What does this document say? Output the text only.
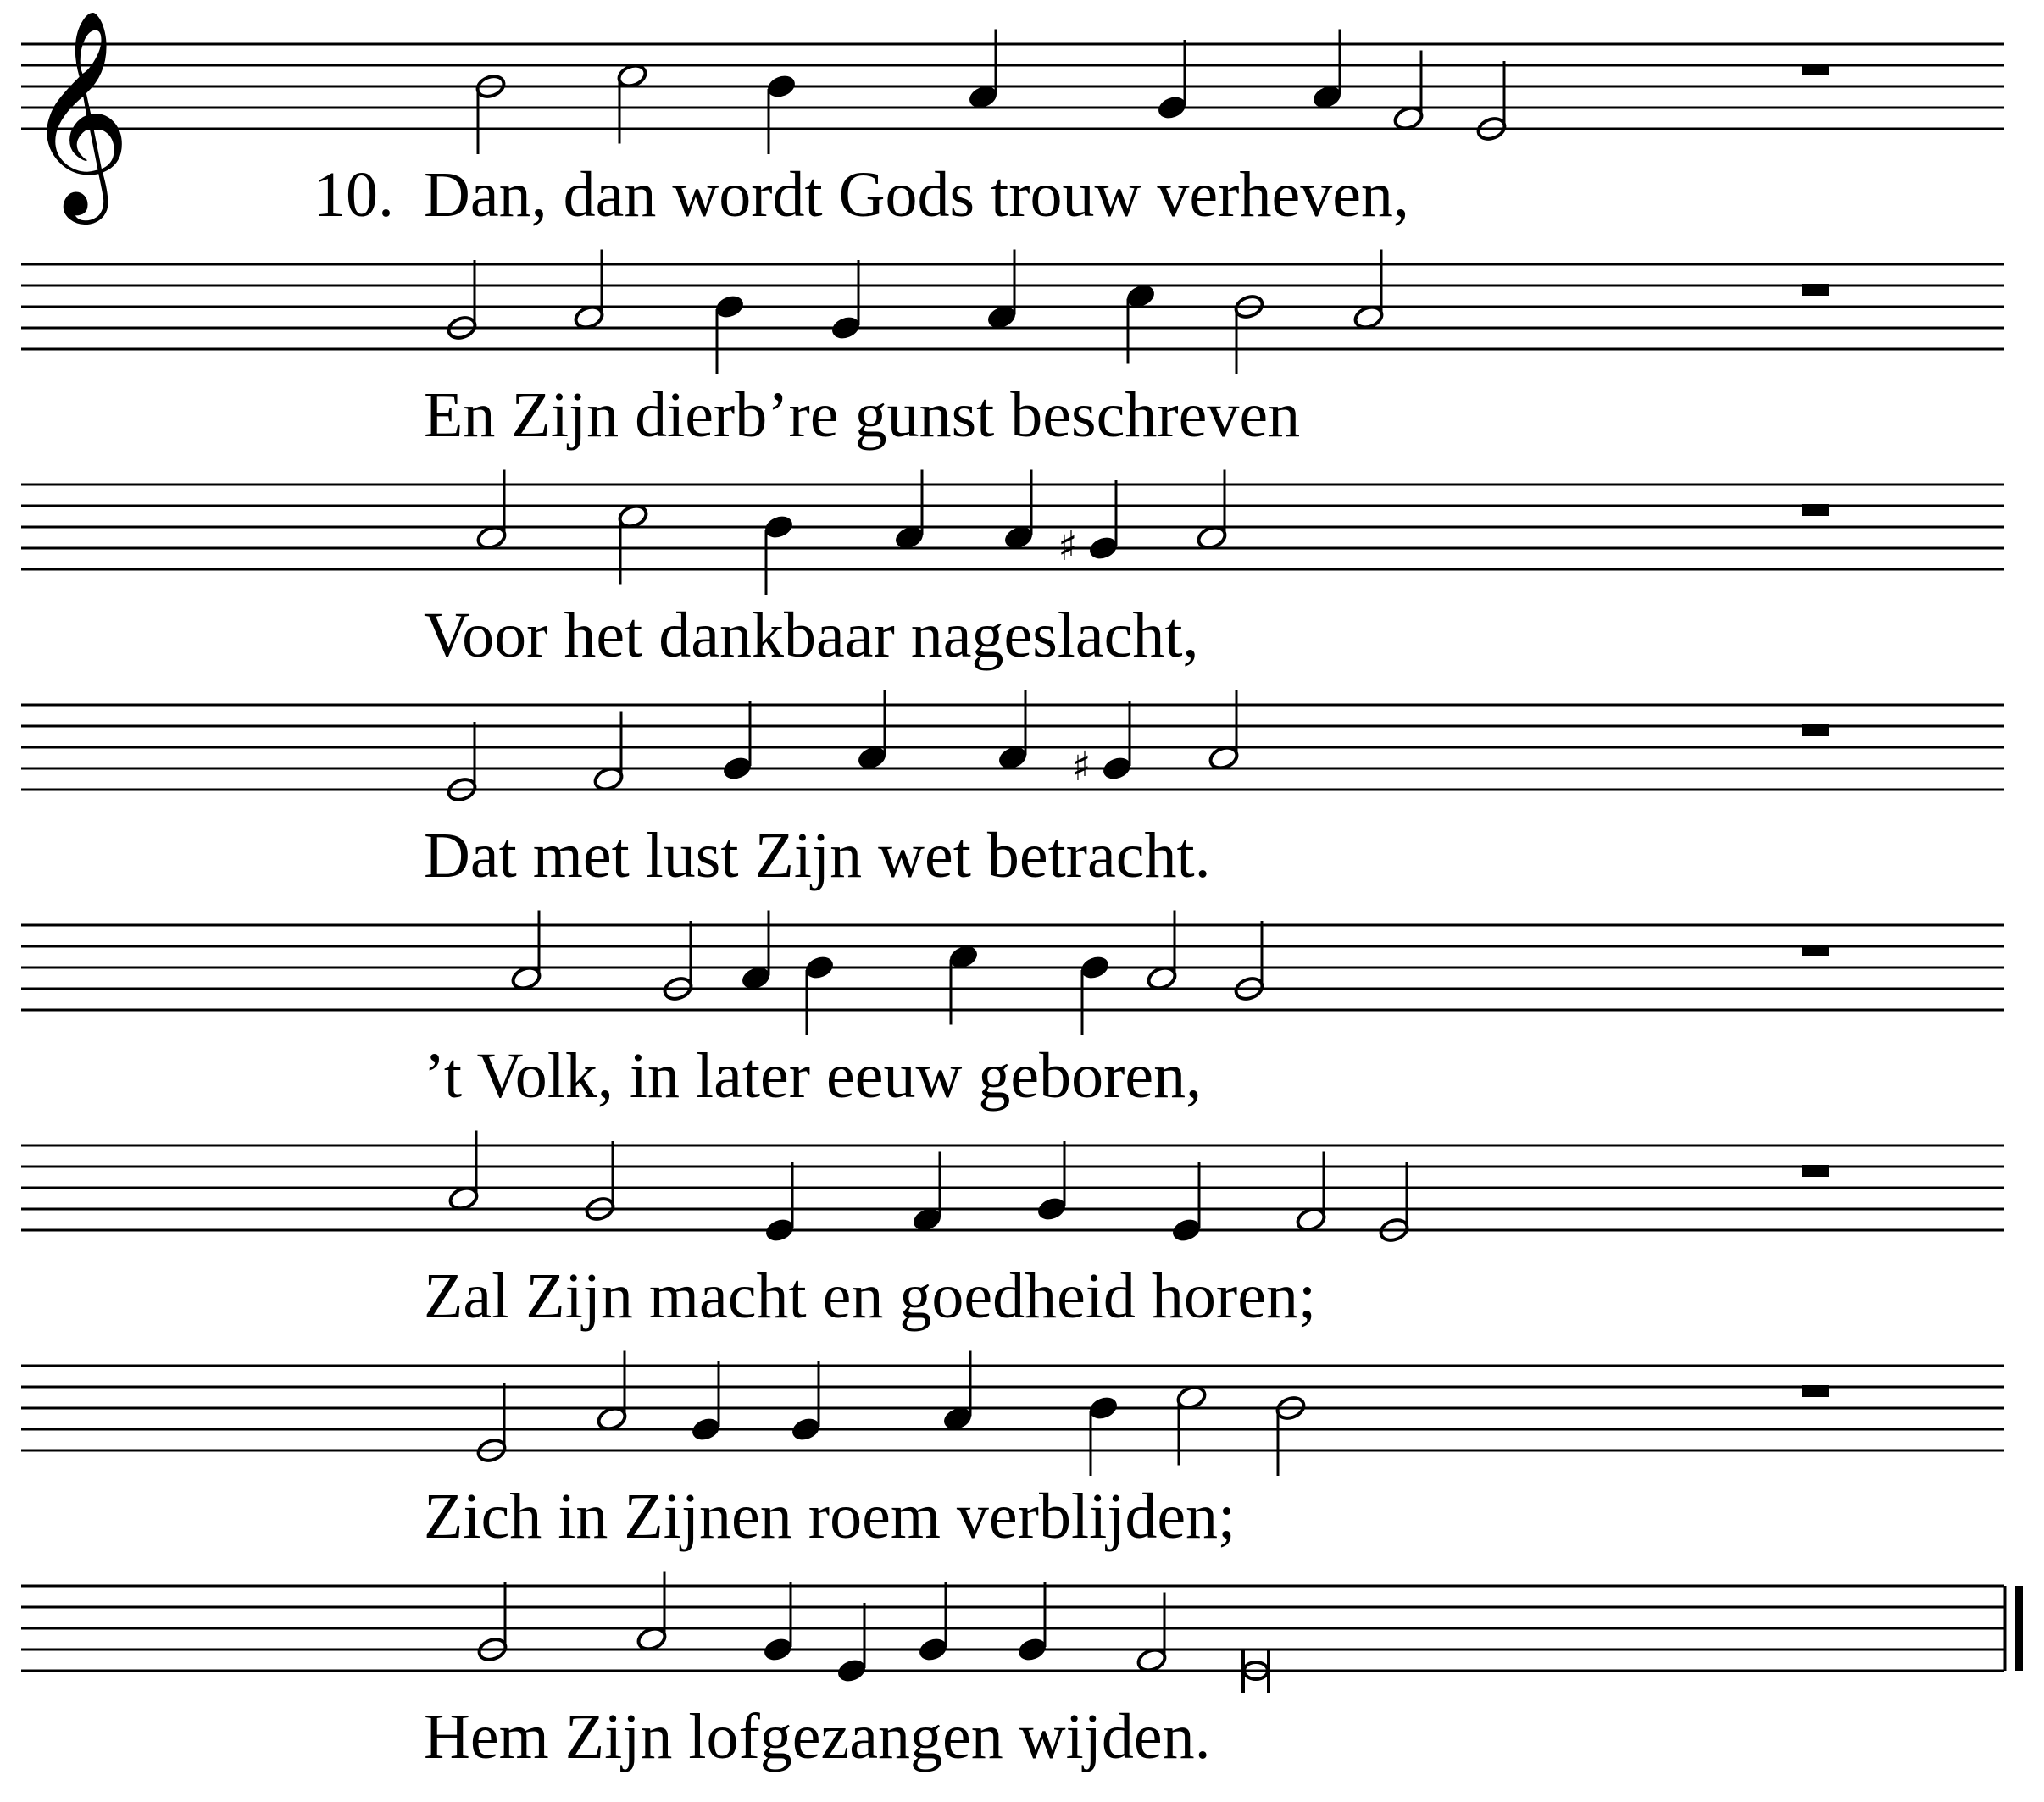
𝄞
♯
♯
Dan, dan wordt Gods trouw verheven,
10.
En Zijn dierb’re gunst beschreven
Voor het dankbaar nageslacht,
Dat met lust Zijn wet betracht.
’t Volk, in later eeuw geboren,
Zal Zijn macht en goedheid horen;
Zich in Zijnen roem verblijden;
Hem Zijn lofgezangen wijden.
